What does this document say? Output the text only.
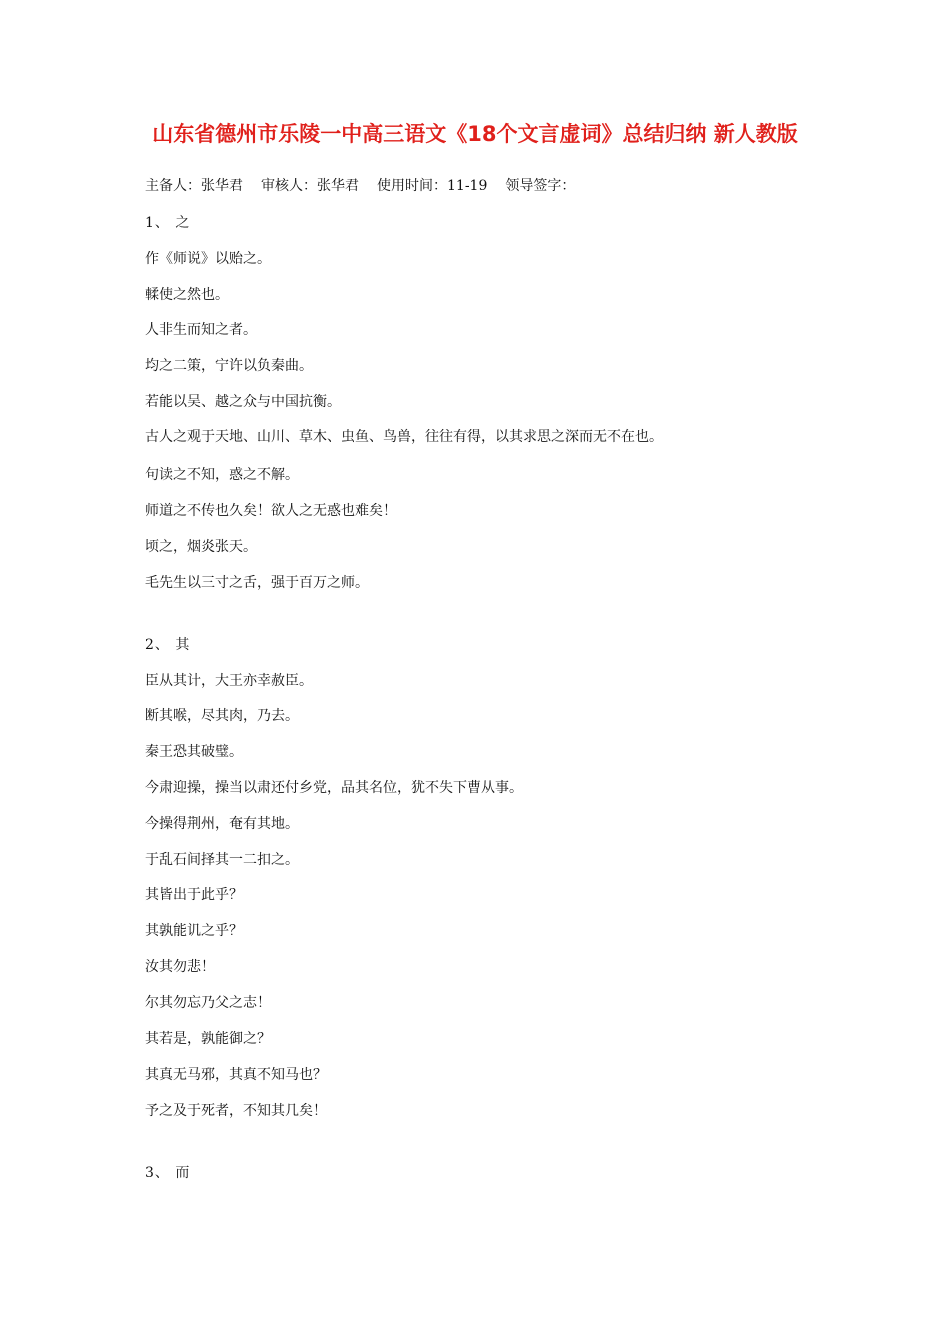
山东省德州市乐陵一中高三语文《18个文言虚词》总结归纳 新人教版
主备人：张华君 审核人：张华君 使用时间：11-19 领导签字：
1、 之
作《师说》以贻之。
輮使之然也。
人非生而知之者。
均之二策，宁许以负秦曲。
若能以吴、越之众与中国抗衡。
古人之观于天地、山川、草木、虫鱼、鸟兽，往往有得，以其求思之深而无不在也。
句读之不知，惑之不解。
师道之不传也久矣！欲人之无惑也难矣！
顷之，烟炎张天。
毛先生以三寸之舌，强于百万之师。
2、 其
臣从其计，大王亦幸赦臣。
断其喉，尽其肉，乃去。
秦王恐其破璧。
今肃迎操，操当以肃还付乡党，品其名位，犹不失下曹从事。
今操得荆州，奄有其地。
于乱石间择其一二扣之。
其皆出于此乎？
其孰能讥之乎？
汝其勿悲！
尔其勿忘乃父之志！
其若是，孰能御之？
其真无马邪，其真不知马也？
予之及于死者，不知其几矣！
3、 而
